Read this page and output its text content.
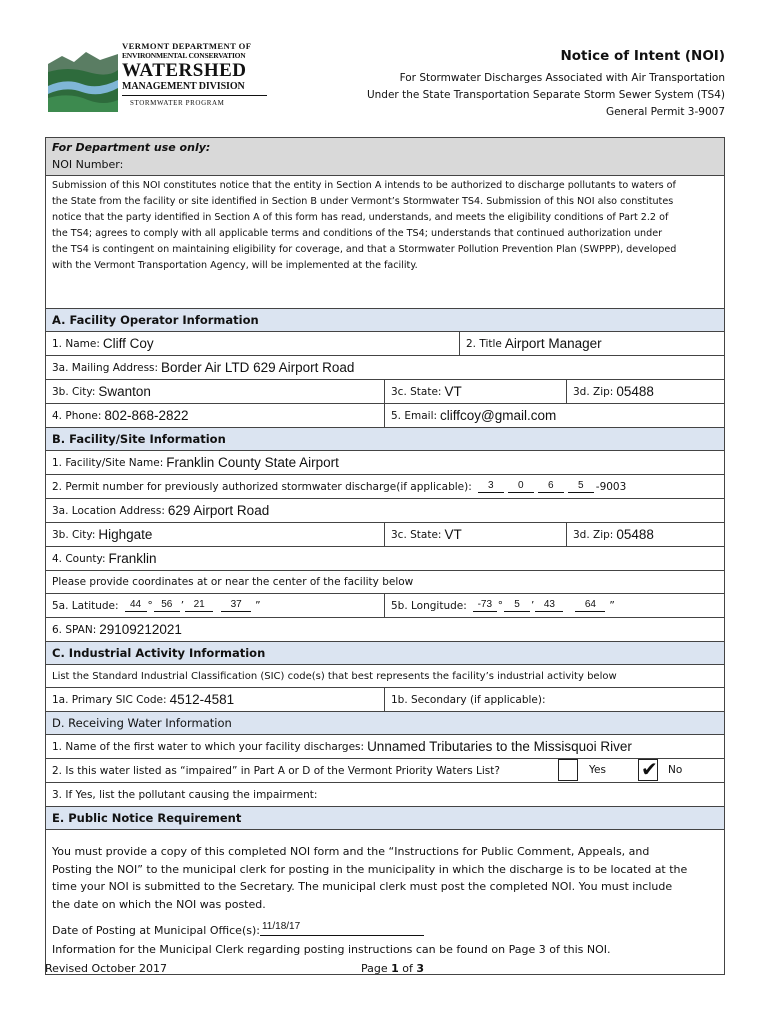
VERMONT DEPARTMENT OF
ENVIRONMENTAL CONSERVATION
WATERSHED
MANAGEMENT DIVISION
STORMWATER PROGRAM
Notice of Intent (NOI)
For Stormwater Discharges Associated with Air Transportation
Under the State Transportation Separate Storm Sewer System (TS4)
General Permit 3-9007
For Department use only:
NOI Number:
Submission of this NOI constitutes notice that the entity in Section A intends to be authorized to discharge pollutants to waters of
the State from the facility or site identified in Section B under Vermont’s Stormwater TS4. Submission of this NOI also constitutes
notice that the party identified in Section A of this form has read, understands, and meets the eligibility conditions of Part 2.2 of
the TS4; agrees to comply with all applicable terms and conditions of the TS4; understands that continued authorization under
the TS4 is contingent on maintaining eligibility for coverage, and that a Stormwater Pollution Prevention Plan (SWPPP), developed
with the Vermont Transportation Agency, will be implemented at the facility.
A. Facility Operator Information
1. Name: Cliff Coy	2. Title Airport Manager
3a. Mailing Address: Border Air LTD 629 Airport Road
3b. City: Swanton	3c. State: VT	3d. Zip: 05488
4. Phone: 802-868-2822	5. Email: cliffcoy@gmail.com
B. Facility/Site Information
1. Facility/Site Name: Franklin County State Airport
2. Permit number for previously authorized stormwater discharge(if applicable):	3	0	6	5	-9003
3a. Location Address: 629 Airport Road
3b. City: Highgate	3c. State: VT	3d. Zip: 05488
4. County: Franklin
Please provide coordinates at or near the center of the facility below
5a. Latitude:	44 ° 56 ’ 21	37	”	5b. Longitude:	-73 °	5	’ 43	64	”
6. SPAN: 29109212021
C. Industrial Activity Information
List the Standard Industrial Classification (SIC) code(s) that best represents the facility’s industrial activity below
1a. Primary SIC Code: 4512-4581	1b. Secondary (if applicable):
D. Receiving Water Information
1. Name of the first water to which your facility discharges: Unnamed Tributaries to the Missisquoi River
2. Is this water listed as “impaired” in Part A or D of the Vermont Priority Waters List?	Yes ✔ No
3. If Yes, list the pollutant causing the impairment:
E. Public Notice Requirement

You must provide a copy of this completed NOI form and the “Instructions for Public Comment, Appeals, and

Posting the NOI” to the municipal clerk for posting in the municipality in which the discharge is to be located at the

time your NOI is submitted to the Secretary. The municipal clerk must post the completed NOI. You must include

the date on which the NOI was posted.

Date of Posting at Municipal Office(s): 11/18/17

Information for the Municipal Clerk regarding posting instructions can be found on Page 3 of this NOI.

Revised October 2017	Page 1 of 3
